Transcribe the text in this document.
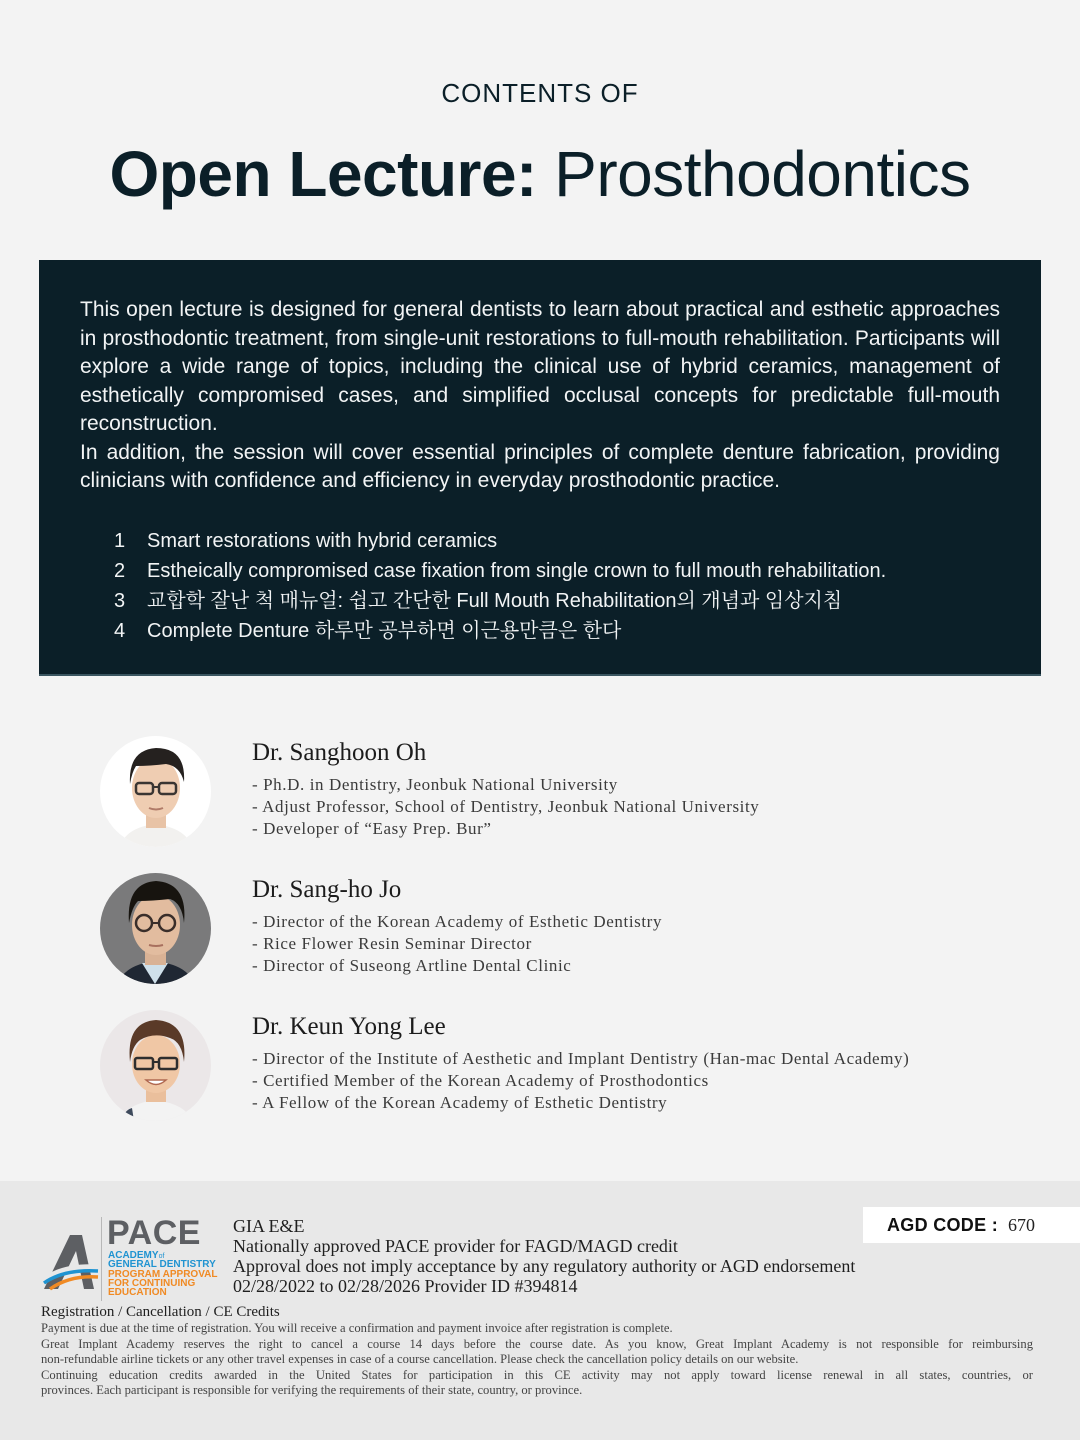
CONTENTS OF
Open Lecture: Prosthodontics

This open lecture is designed for general dentists to learn about practical and esthetic approaches in prosthodontic treatment, from single-unit restorations to full-mouth rehabilitation. Participants will explore a wide range of topics, including the clinical use of hybrid ceramics, management of esthetically compromised cases, and simplified occlusal concepts for predictable full-mouth reconstruction.

In addition, the session will cover essential principles of complete denture fabrication, providing clinicians with confidence and efficiency in everyday prosthodontic practice.

1	Smart restorations with hybrid ceramics
2	Estheically compromised case fixation from single crown to full mouth rehabilitation.
3	교합학 잘난 척 매뉴얼: 쉽고 간단한 Full Mouth Rehabilitation의 개념과 임상지침
4	Complete Denture 하루만 공부하면 이근용만큼은 한다
Dr. Sanghoon Oh
- Ph.D. in Dentistry, Jeonbuk National University
- Adjust Professor, School of Dentistry, Jeonbuk National University
- Developer of “Easy Prep. Bur”
Dr. Sang-ho Jo
- Director of the Korean Academy of Esthetic Dentistry
- Rice Flower Resin Seminar Director
- Director of Suseong Artline Dental Clinic
Dr. Keun Yong Lee
- Director of the Institute of Aesthetic and Implant Dentistry (Han-mac Dental Academy)
- Certified Member of the Korean Academy of Prosthodontics
- A Fellow of the Korean Academy of Esthetic Dentistry
PACE
ACADEMYof
GENERAL DENTISTRY
PROGRAM APPROVAL
FOR CONTINUING
EDUCATION
GIA E&E
Nationally approved PACE provider for FAGD/MAGD credit
Approval does not imply acceptance by any regulatory authority or AGD endorsement
02/28/2022 to 02/28/2026 Provider ID #394814
AGD CODE : 670
Registration / Cancellation / CE Credits
Payment is due at the time of registration. You will receive a confirmation and payment invoice after registration is complete.
Great Implant Academy reserves the right to cancel a course 14 days before the course date. As you know, Great Implant Academy is not responsible for reimbursing
non-refundable airline tickets or any other travel expenses in case of a course cancellation. Please check the cancellation policy details on our website.
Continuing education credits awarded in the United States for participation in this CE activity may not apply toward license renewal in all states, countries, or
provinces. Each participant is responsible for verifying the requirements of their state, country, or province.
